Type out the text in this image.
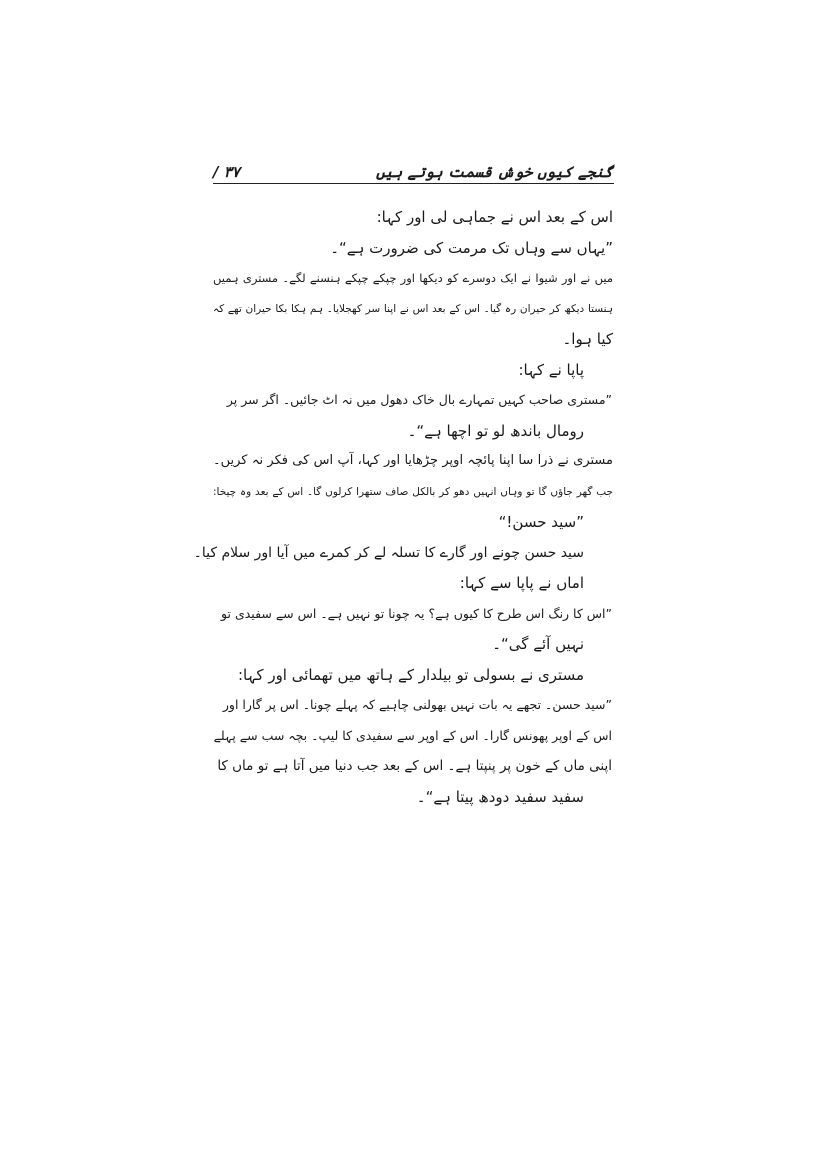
گنجے کیوں خوش قسمت ہوتے ہیں
۳۷ /
اس کے بعد اس نے جماہی لی اور کہا:
”یہاں سے وہاں تک مرمت کی ضرورت ہے“۔
میں نے اور شیوا نے ایک دوسرے کو دیکھا اور چپکے چپکے ہنسنے لگے۔ مستری ہمیں
ہنستا دیکھ کر حیران رہ گیا۔ اس کے بعد اس نے اپنا سر کھجلایا۔ ہم ہکا بکا حیران تھے کہ
کیا ہوا۔
پاپا نے کہا:
”مستری صاحب کہیں تمہارے بال خاک دھول میں نہ اٹ جائیں۔ اگر سر پر
رومال باندھ لو تو اچھا ہے“۔
مستری نے ذرا سا اپنا پائچہ اوپر چڑھایا اور کہا، آپ اس کی فکر نہ کریں۔
جب گھر جاؤں گا تو وہاں انہیں دھو کر بالکل صاف ستھرا کرلوں گا۔ اس کے بعد وہ چیخا:
”سید حسن!“
سید حسن چونے اور گارے کا تسلہ لے کر کمرے میں آیا اور سلام کیا۔
اماں نے پاپا سے کہا:
”اس کا رنگ اس طرح کا کیوں ہے؟ یہ چونا تو نہیں ہے۔ اس سے سفیدی تو
نہیں آئے گی“۔
مستری نے بسولی تو بیلدار کے ہاتھ میں تھمائی اور کہا:
”سید حسن۔ تجھے یہ بات نہیں بھولنی چاہیے کہ پہلے چونا۔ اس پر گارا اور
اس کے اوپر پھونس گارا۔ اس کے اوپر سے سفیدی کا لیپ۔ بچہ سب سے پہلے
اپنی ماں کے خون پر پنپتا ہے۔ اس کے بعد جب دنیا میں آتا ہے تو ماں کا
سفید سفید دودھ پیتا ہے“۔
